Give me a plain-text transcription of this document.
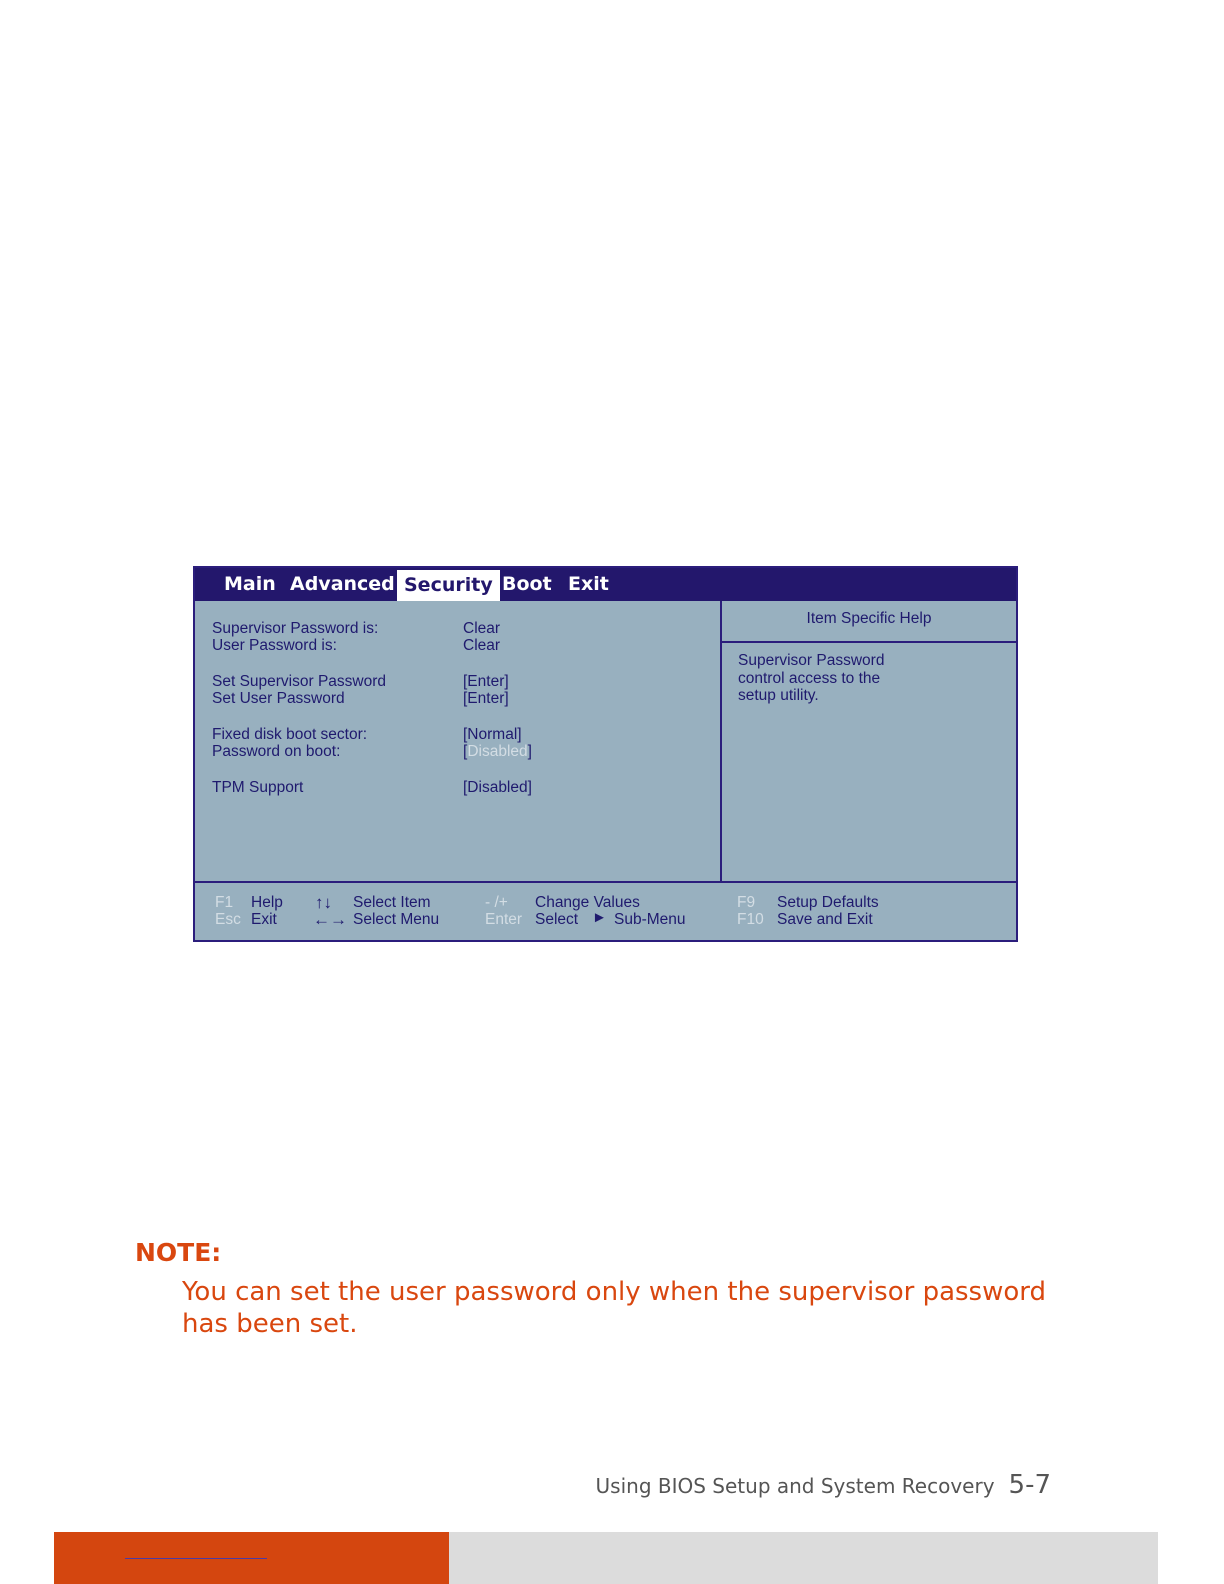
Main Advanced Security Boot Exit
Supervisor Password is:	Clear
User Password is:	Clear
Set Supervisor Password	[Enter]
Set User Password	[Enter]
Fixed disk boot sector:	[Normal]
Password on boot:	[Disabled]
TPM Support	[Disabled]
Item Specific Help
Supervisor Password
control access to the
setup utility.
F1 Help
Esc Exit
↑↓ Select Item
←→ Select Menu
- /+ Change Values
Enter Select ► Sub-Menu
F9 Setup Defaults
F10 Save and Exit
NOTE:
You can set the user password only when the supervisor password has been set.
Using BIOS Setup and System Recovery 5-7
